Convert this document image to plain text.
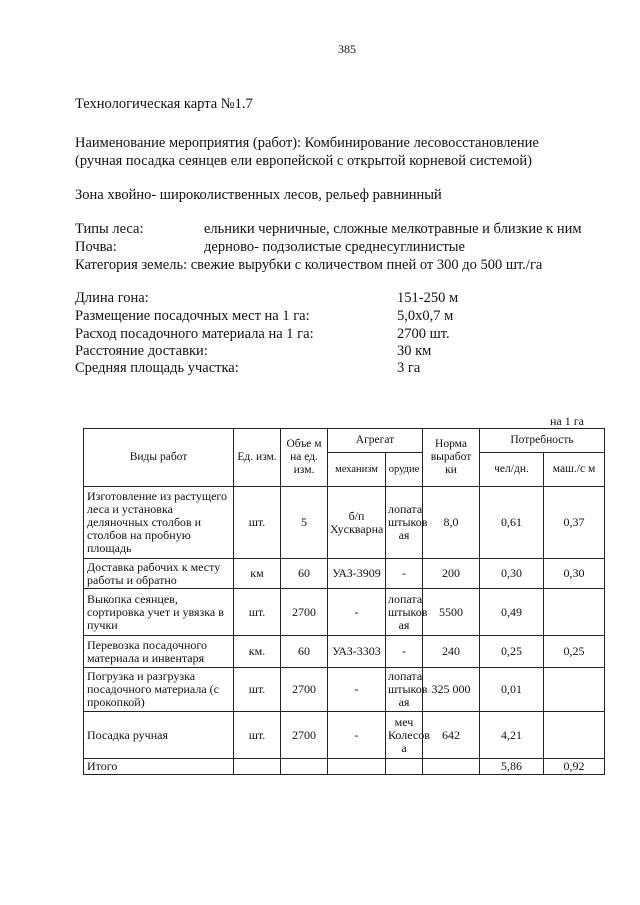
385
Технологическая карта №1.7
Наименование мероприятия (работ): Комбинирование лесовосстановление
(ручная посадка сеянцев ели европейской с открытой корневой системой)
Зона хвойно- широколиственных лесов, рельеф равнинный
Типы леса:	ельники черничные, сложные мелкотравные и близкие к ним
Почва:	дерново- подзолистые среднесуглинистые
Категория земель: свежие вырубки с количеством пней от 300 до 500 шт./га
Длина гона:	151-250 м
Размещение посадочных мест на 1 га:	5,0х0,7 м
Расход посадочного материала на 1 га:	2700 шт.
Расстояние доставки:	30 км
Средняя площадь участка:	3 га
на 1 га
Виды работ	Ед. изм.	Объе м на ед. изм.	Агрегат		Норма выработ ки	Потребность	
			механизм	орудие		чел/дн.	маш./с м
Изготовление из растущего леса и установка деляночных столбов и столбов на пробную площадь	шт.	5	б/п Хускварна	лопата штыков ая	8,0	0,61	0,37
Доставка рабочих к месту работы и обратно	км	60	УАЗ-3909	-	200	0,30	0,30
Выкопка сеянцев, сортировка учет и увязка в пучки	шт.	2700	-	лопата штыков ая	5500	0,49	
Перевозка посадочного материала и инвентаря	км.	60	УАЗ-3303	-	240	0,25	0,25
Погрузка и разгрузка посадочного материала (с прокопкой)	шт.	2700	-	лопата штыков ая	325 000	0,01	
Посадка ручная	шт.	2700	-	меч Колесов а	642	4,21	
Итого						5,86	0,92
